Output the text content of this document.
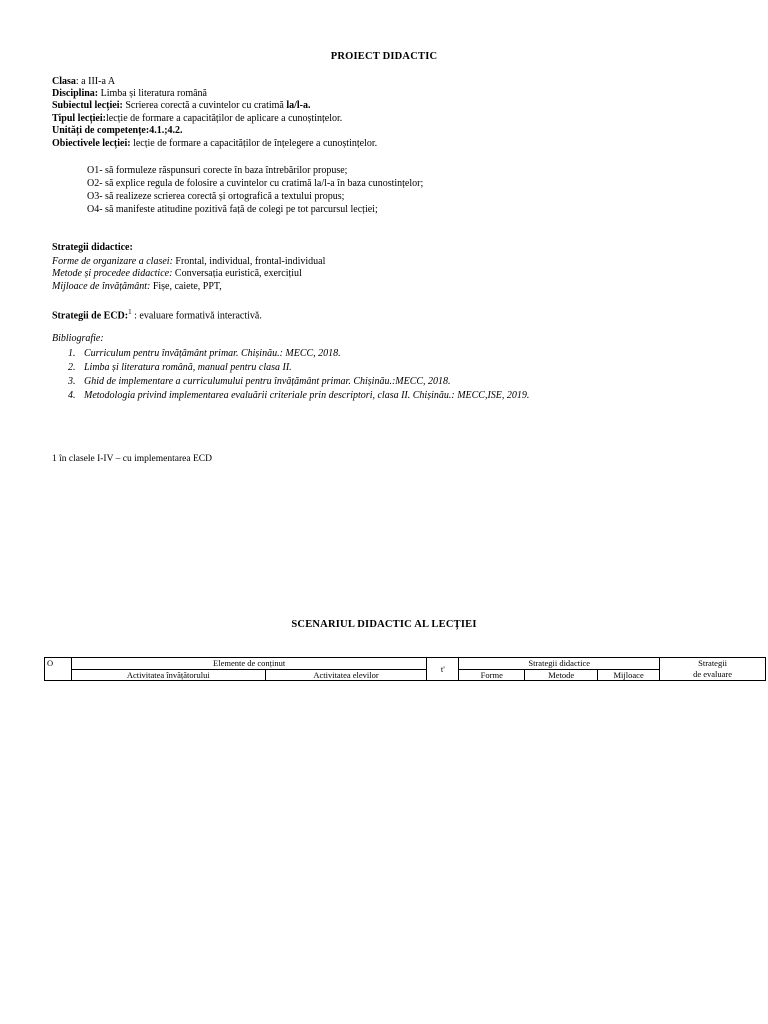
PROIECT DIDACTIC
Clasa: a III-a A
Disciplina: Limba și literatura română
Subiectul lecției: Scrierea corectă a cuvintelor cu cratimă la/l-a.
Tipul lecției:lecție de formare a capacităților de aplicare a cunoștințelor.
Unități de competențe:4.1.;4.2.
Obiectivele lecției: lecție de formare a capacităților de înțelegere a cunoștințelor.
O1- să formuleze răspunsuri corecte în baza întrebărilor propuse;
O2- să explice regula de folosire a cuvintelor cu cratimă la/l-a în baza cunostințelor;
O3- să realizeze scrierea corectă și ortografică a textului propus;
O4- să manifeste atitudine pozitivă față de colegi pe tot parcursul lecției;
Strategii didactice:
Forme de organizare a clasei: Frontal, individual, frontal-individual
Metode și procedee didactice: Conversația euristică, exercițiul
Mijloace de învățământ: Fișe, caiete, PPT,
Strategii de ECD:$^1$ : evaluare formativă interactivă.
Bibliografie:
1. Curriculum pentru învățământ primar. Chișinău.: MECC, 2018.
2. Limba și literatura română, manual pentru clasa II.
3. Ghid de implementare a curriculumului pentru învățământ primar. Chișinău.:MECC, 2018.
4. Metodologia privind implementarea evaluării criteriale prin descriptori, clasa II. Chișinău.: MECC,ISE, 2019.
1 în clasele I-IV – cu implementarea ECD
SCENARIUL DIDACTIC AL LECȚIEI
O	Elemente de conținut		t'	Strategii didactice			Strategii
de evaluare
	Activitatea învățătorului	Activitatea elevilor		Forme	Metode	Mijloace	
